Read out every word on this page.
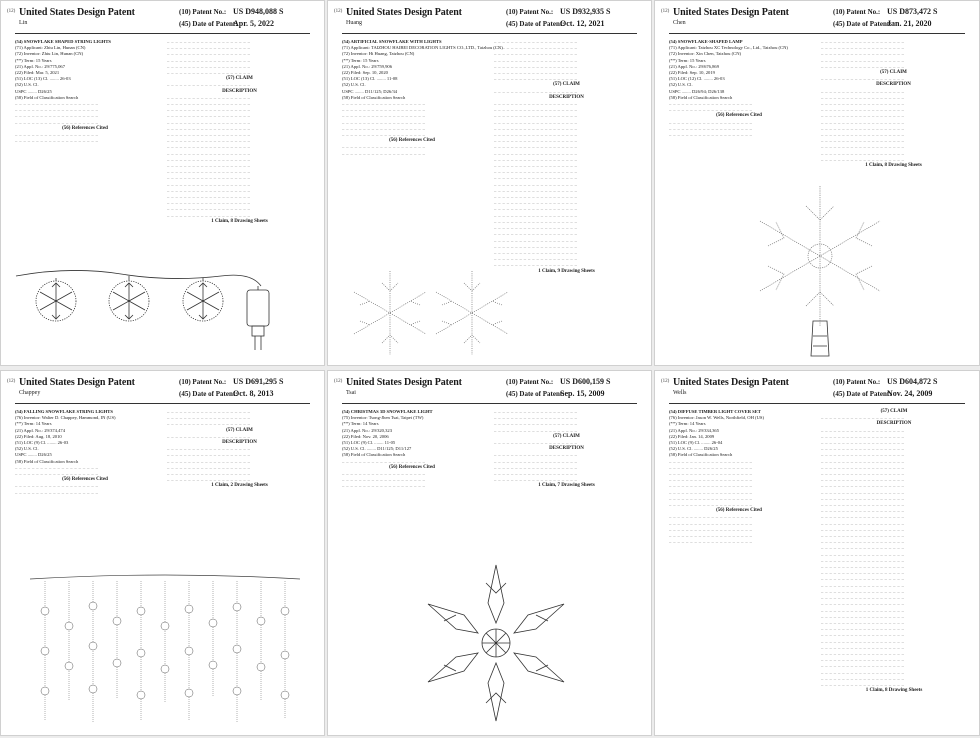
(12) United States Design Patent
Lin
(10) Patent No.: US D948,088 S
(45) Date of Patent:
Apr. 5, 2022
(54) SNOWFLAKE SHAPED STRING LIGHTS
(71) Applicant: Zhiu Lin, Hunan (CN)
(72) Inventor: Zhiu Lin, Hunan (CN)
(**) Term: 15 Years
(21) Appl. No.: 29/775,067
(22) Filed: Mar. 5, 2021
(51) LOC (13) Cl. ........ 26-03
(52) U.S. Cl.
USPC ........ D26/25
(58) Field of Classification Search
– – – – – – – – – – – – – – – – – – – –
– – – – – – – – – – – – – – – – – – – –
– – – – – – – – – – – – – – – – – – – –
– – – – – – – – – – – – – – – – – – – –
(56) References Cited
– – – – – – – – – – – – – – – – – – – –
– – – – – – – – – – – – – – – – – – – –
– – – – – – – – – – – – – – – – – – – –
– – – – – – – – – – – – – – – – – – – –
– – – – – – – – – – – – – – – – – – – –
– – – – – – – – – – – – – – – – – – – –
– – – – – – – – – – – – – – – – – – – –
– – – – – – – – – – – – – – – – – – – –
(57) CLAIM
– – – – – – – – – – – – – – – – – – – –
DESCRIPTION
– – – – – – – – – – – – – – – – – – – –
– – – – – – – – – – – – – – – – – – – –
– – – – – – – – – – – – – – – – – – – –
– – – – – – – – – – – – – – – – – – – –
– – – – – – – – – – – – – – – – – – – –
– – – – – – – – – – – – – – – – – – – –
– – – – – – – – – – – – – – – – – – – –
– – – – – – – – – – – – – – – – – – – –
– – – – – – – – – – – – – – – – – – – –
– – – – – – – – – – – – – – – – – – – –
– – – – – – – – – – – – – – – – – – – –
– – – – – – – – – – – – – – – – – – – –
– – – – – – – – – – – – – – – – – – – –
– – – – – – – – – – – – – – – – – – – –
– – – – – – – – – – – – – – – – – – – –
– – – – – – – – – – – – – – – – – – – –
– – – – – – – – – – – – – – – – – – – –
– – – – – – – – – – – – – – – – – – – –
– – – – – – – – – – – – – – – – – – – –
– – – – – – – – – – – – – – – – – – – –
1 Claim, 8 Drawing Sheets
(12) United States Design Patent
Huang
(10) Patent No.: US D932,935 S
(45) Date of Patent:
Oct. 12, 2021
(54) ARTIFICIAL SNOWFLAKE WITH LIGHTS
(71) Applicant: TAIZHOU HAIBEI DECORATION LIGHTS CO.,LTD., Taizhou (CN)
(72) Inventor: Hi Huang, Taizhou (CN)
(**) Term: 15 Years
(21) Appl. No.: 29/759,906
(22) Filed: Sep. 10, 2020
(51) LOC (13) Cl. ........ 11-08
(52) U.S. Cl.
USPC ........ D11/125; D26/34
(58) Field of Classification Search
– – – – – – – – – – – – – – – – – – – –
– – – – – – – – – – – – – – – – – – – –
– – – – – – – – – – – – – – – – – – – –
– – – – – – – – – – – – – – – – – – – –
– – – – – – – – – – – – – – – – – – – –
– – – – – – – – – – – – – – – – – – – –
(56) References Cited
– – – – – – – – – – – – – – – – – – – –
– – – – – – – – – – – – – – – – – – – –
– – – – – – – – – – – – – – – – – – – –
– – – – – – – – – – – – – – – – – – – –
– – – – – – – – – – – – – – – – – – – –
– – – – – – – – – – – – – – – – – – – –
– – – – – – – – – – – – – – – – – – – –
– – – – – – – – – – – – – – – – – – – –
– – – – – – – – – – – – – – – – – – – –
(57) CLAIM
– – – – – – – – – – – – – – – – – – – –
DESCRIPTION
– – – – – – – – – – – – – – – – – – – –
– – – – – – – – – – – – – – – – – – – –
– – – – – – – – – – – – – – – – – – – –
– – – – – – – – – – – – – – – – – – – –
– – – – – – – – – – – – – – – – – – – –
– – – – – – – – – – – – – – – – – – – –
– – – – – – – – – – – – – – – – – – – –
– – – – – – – – – – – – – – – – – – – –
– – – – – – – – – – – – – – – – – – – –
– – – – – – – – – – – – – – – – – – – –
– – – – – – – – – – – – – – – – – – – –
– – – – – – – – – – – – – – – – – – – –
– – – – – – – – – – – – – – – – – – – –
– – – – – – – – – – – – – – – – – – – –
– – – – – – – – – – – – – – – – – – – –
– – – – – – – – – – – – – – – – – – – –
– – – – – – – – – – – – – – – – – – – –
– – – – – – – – – – – – – – – – – – – –
– – – – – – – – – – – – – – – – – – – –
– – – – – – – – – – – – – – – – – – – –
– – – – – – – – – – – – – – – – – – – –
– – – – – – – – – – – – – – – – – – – –
– – – – – – – – – – – – – – – – – – – –
– – – – – – – – – – – – – – – – – – – –
– – – – – – – – – – – – – – – – – – – –
– – – – – – – – – – – – – – – – – – – –
– – – – – – – – – – – – – – – – – – – –
1 Claim, 9 Drawing Sheets
(12) United States Design Patent
Chen
(10) Patent No.: US D873,472 S
(45) Date of Patent:
Jan. 21, 2020
(54) SNOWFLAKE-SHAPED LAMP
(71) Applicant: Taizhou XC Technology Co., Ltd., Taizhou (CN)
(72) Inventor: Xin Chen, Taizhou (CN)
(**) Term: 15 Years
(21) Appl. No.: 29/676,869
(22) Filed: Sep. 10, 2019
(51) LOC (12) Cl. ........ 26-03
(52) U.S. Cl.
USPC ........ D26/94; D26/138
(58) Field of Classification Search
– – – – – – – – – – – – – – – – – – – –
– – – – – – – – – – – – – – – – – – – –
(56) References Cited
– – – – – – – – – – – – – – – – – – – –
– – – – – – – – – – – – – – – – – – – –
– – – – – – – – – – – – – – – – – – – –
– – – – – – – – – – – – – – – – – – – –
– – – – – – – – – – – – – – – – – – – –
– – – – – – – – – – – – – – – – – – – –
– – – – – – – – – – – – – – – – – – – –
– – – – – – – – – – – – – – – – – – – –
(57) CLAIM
– – – – – – – – – – – – – – – – – – – –
DESCRIPTION
– – – – – – – – – – – – – – – – – – – –
– – – – – – – – – – – – – – – – – – – –
– – – – – – – – – – – – – – – – – – – –
– – – – – – – – – – – – – – – – – – – –
– – – – – – – – – – – – – – – – – – – –
– – – – – – – – – – – – – – – – – – – –
– – – – – – – – – – – – – – – – – – – –
– – – – – – – – – – – – – – – – – – – –
– – – – – – – – – – – – – – – – – – – –
– – – – – – – – – – – – – – – – – – – –
– – – – – – – – – – – – – – – – – – – –
– – – – – – – – – – – – – – – – – – – –
1 Claim, 8 Drawing Sheets
(12) United States Design Patent
Chappey
(10) Patent No.: US D691,295 S
(45) Date of Patent:
Oct. 8, 2013
(54) FALLING SNOWFLAKE STRING LIGHTS
(76) Inventor: Walter D. Chappey, Hammond, IN (US)
(**) Term: 14 Years
(21) Appl. No.: 29/374,474
(22) Filed: Aug. 18, 2010
(51) LOC (9) Cl. ........ 26-03
(52) U.S. Cl.
USPC ........ D26/25
(58) Field of Classification Search
– – – – – – – – – – – – – – – – – – – –
– – – – – – – – – – – – – – – – – – – –
(56) References Cited
– – – – – – – – – – – – – – – – – – – –
– – – – – – – – – – – – – – – – – – – –
– – – – – – – – – – – – – – – – – – – –
– – – – – – – – – – – – – – – – – – – –
– – – – – – – – – – – – – – – – – – – –
(57) CLAIM
– – – – – – – – – – – – – – – – – – – –
DESCRIPTION
– – – – – – – – – – – – – – – – – – – –
– – – – – – – – – – – – – – – – – – – –
– – – – – – – – – – – – – – – – – – – –
– – – – – – – – – – – – – – – – – – – –
– – – – – – – – – – – – – – – – – – – –
– – – – – – – – – – – – – – – – – – – –
1 Claim, 2 Drawing Sheets
(12) United States Design Patent
Tsai
(10) Patent No.: US D600,159 S
(45) Date of Patent:
Sep. 15, 2009
(54) CHRISTMAS 3D SNOWFLAKE LIGHT
(75) Inventor: Tsong-Jhen Tsai, Taipei (TW)
(**) Term: 14 Years
(21) Appl. No.: 29/320,323
(22) Filed: Nov. 20, 2006
(51) LOC (9) Cl. ........ 11-05
(52) U.S. Cl. ........ D11/125; D11/127
(58) Field of Classification Search
– – – – – – – – – – – – – – – – – – – –
(56) References Cited
– – – – – – – – – – – – – – – – – – – –
– – – – – – – – – – – – – – – – – – – –
– – – – – – – – – – – – – – – – – – – –
– – – – – – – – – – – – – – – – – – – –
– – – – – – – – – – – – – – – – – – – –
– – – – – – – – – – – – – – – – – – – –
– – – – – – – – – – – – – – – – – – – –
(57) CLAIM
– – – – – – – – – – – – – – – – – – – –
DESCRIPTION
– – – – – – – – – – – – – – – – – – – –
– – – – – – – – – – – – – – – – – – – –
– – – – – – – – – – – – – – – – – – – –
– – – – – – – – – – – – – – – – – – – –
– – – – – – – – – – – – – – – – – – – –
1 Claim, 7 Drawing Sheets
(12) United States Design Patent
Wells
(10) Patent No.: US D604,872 S
(45) Date of Patent:
Nov. 24, 2009
(54) DIFFUSE TIMBER LIGHT COVER SET
(76) Inventor: Jason W. Wells, Northfield, OH (US)
(**) Term: 14 Years
(21) Appl. No.: 29/334,365
(22) Filed: Jan. 14, 2009
(51) LOC (9) Cl. ........ 26-04
(52) U.S. Cl. ........ D26/25
(58) Field of Classification Search
– – – – – – – – – – – – – – – – – – – –
– – – – – – – – – – – – – – – – – – – –
– – – – – – – – – – – – – – – – – – – –
– – – – – – – – – – – – – – – – – – – –
– – – – – – – – – – – – – – – – – – – –
– – – – – – – – – – – – – – – – – – – –
– – – – – – – – – – – – – – – – – – – –
– – – – – – – – – – – – – – – – – – – –
(56) References Cited
– – – – – – – – – – – – – – – – – – – –
– – – – – – – – – – – – – – – – – – – –
– – – – – – – – – – – – – – – – – – – –
– – – – – – – – – – – – – – – – – – – –
– – – – – – – – – – – – – – – – – – – –
(57) CLAIM
– – – – – – – – – – – – – – – – – – – –
DESCRIPTION
– – – – – – – – – – – – – – – – – – – –
– – – – – – – – – – – – – – – – – – – –
– – – – – – – – – – – – – – – – – – – –
– – – – – – – – – – – – – – – – – – – –
– – – – – – – – – – – – – – – – – – – –
– – – – – – – – – – – – – – – – – – – –
– – – – – – – – – – – – – – – – – – – –
– – – – – – – – – – – – – – – – – – – –
– – – – – – – – – – – – – – – – – – – –
– – – – – – – – – – – – – – – – – – – –
– – – – – – – – – – – – – – – – – – – –
– – – – – – – – – – – – – – – – – – – –
– – – – – – – – – – – – – – – – – – – –
– – – – – – – – – – – – – – – – – – – –
– – – – – – – – – – – – – – – – – – – –
– – – – – – – – – – – – – – – – – – – –
– – – – – – – – – – – – – – – – – – – –
– – – – – – – – – – – – – – – – – – – –
– – – – – – – – – – – – – – – – – – – –
– – – – – – – – – – – – – – – – – – – –
– – – – – – – – – – – – – – – – – – – –
– – – – – – – – – – – – – – – – – – – –
– – – – – – – – – – – – – – – – – – – –
– – – – – – – – – – – – – – – – – – – –
– – – – – – – – – – – – – – – – – – – –
– – – – – – – – – – – – – – – – – – – –
– – – – – – – – – – – – – – – – – – – –
– – – – – – – – – – – – – – – – – – – –
– – – – – – – – – – – – – – – – – – – –
– – – – – – – – – – – – – – – – – – – –
– – – – – – – – – – – – – – – – – – – –
– – – – – – – – – – – – – – – – – – – –
– – – – – – – – – – – – – – – – – – – –
– – – – – – – – – – – – – – – – – – – –
– – – – – – – – – – – – – – – – – – – –
– – – – – – – – – – – – – – – – – – – –
– – – – – – – – – – – – – – – – – – – –
– – – – – – – – – – – – – – – – – – – –
– – – – – – – – – – – – – – – – – – – –
– – – – – – – – – – – – – – – – – – – –
– – – – – – – – – – – – – – – – – – – –
– – – – – – – – – – – – – – – – – – – –
1 Claim, 8 Drawing Sheets
